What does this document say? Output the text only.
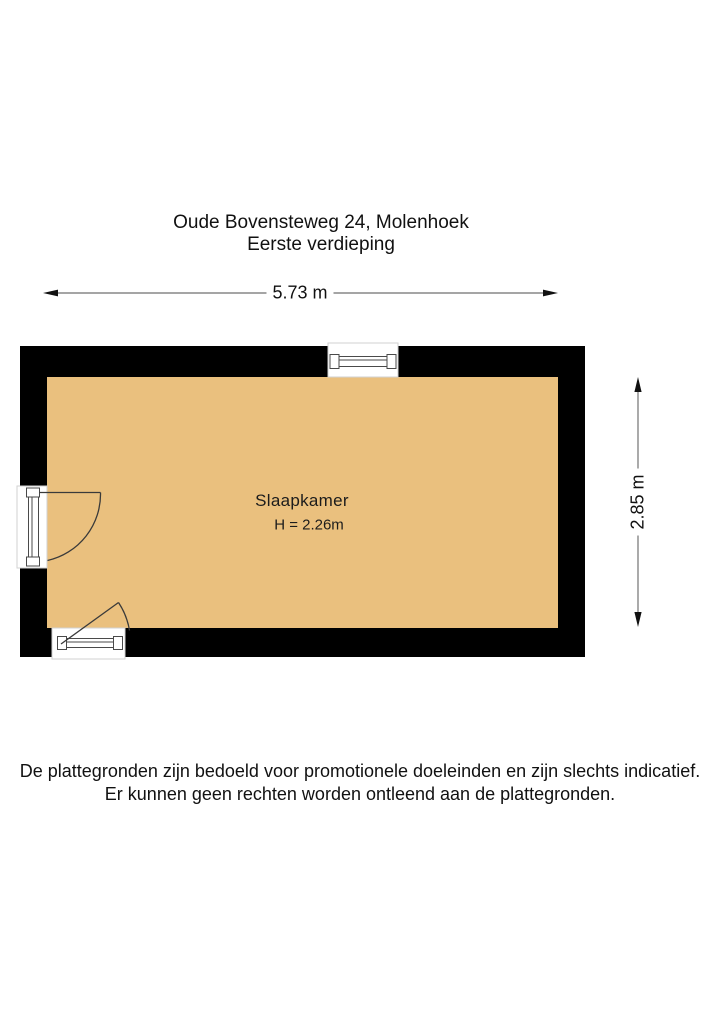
Oude Bovensteweg 24, Molenhoek
Eerste verdieping
5.73 m
2.85 m
Slaapkamer
H = 2.26m
De plattegronden zijn bedoeld voor promotionele doeleinden en zijn slechts indicatief.
Er kunnen geen rechten worden ontleend aan de plattegronden.
